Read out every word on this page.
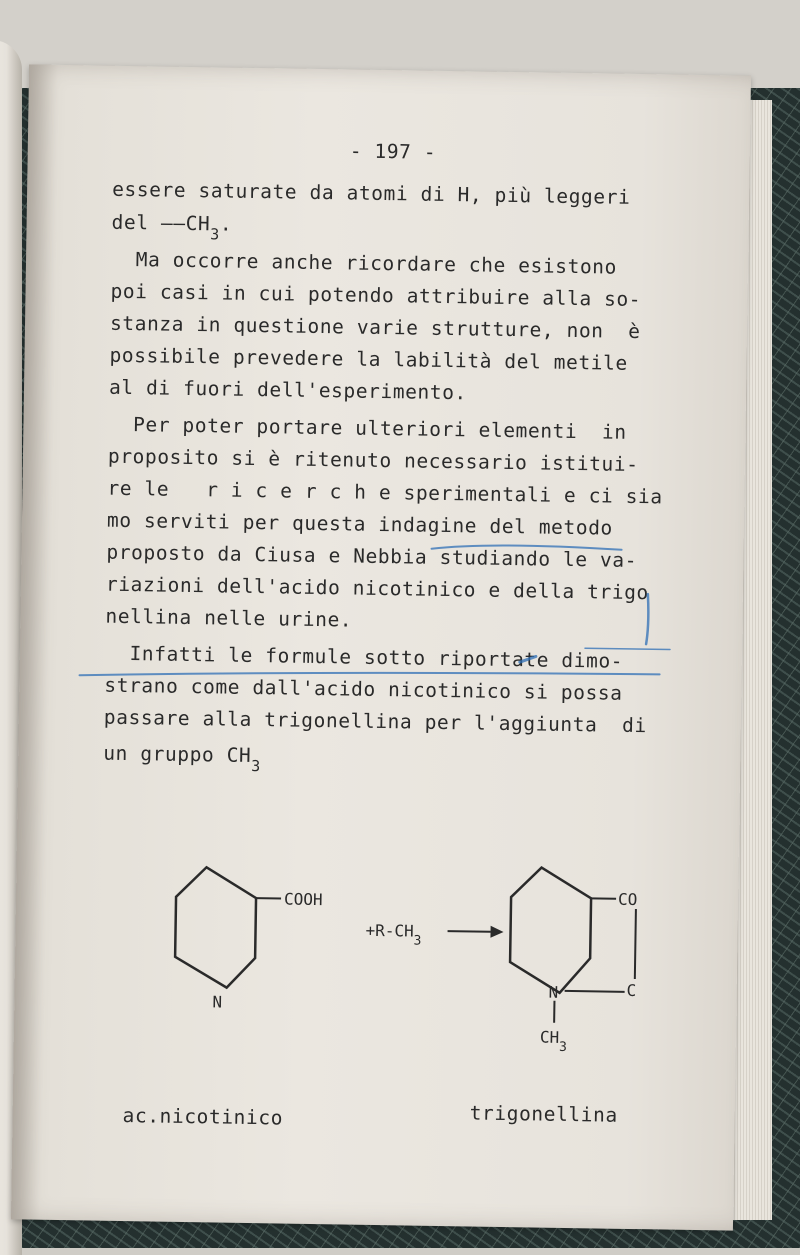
- 197 -

essere saturate da atomi di H, più leggeri

del $——CH_3$.

Ma occorre anche ricordare che esistono

poi casi in cui potendo attribuire alla so-

stanza in questione varie strutture, non  è

possibile prevedere la labilità del metile

al di fuori dell'esperimento.

Per poter portare ulteriori elementi  in

proposito si è ritenuto necessario istitui-

re le   r i c e r c h e sperimentali e ci sia

mo serviti per questa indagine del metodo

proposto da Ciusa e Nebbia studiando le va-

riazioni dell'acido nicotinico e della trigo

nellina nelle urine.

Infatti le formule sotto riportate dimo-

strano come dall'acido nicotinico si possa

passare alla trigonellina per l'aggiunta  di

un gruppo $CH_3$

COOH
N
$+R-CH_3$
CO
C
N
$CH_3$
ac.nicotinico	trigonellina
